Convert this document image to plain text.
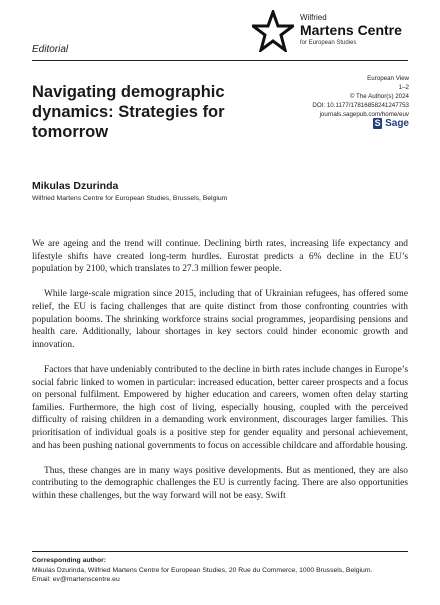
Editorial
Wilfried
Martens Centre
for European Studies
European View
1–2
© The Author(s) 2024
DOI: 10.1177/17816858241247753
journals.sagepub.com/home/euv
S Sage
Navigating demographic dynamics: Strategies for tomorrow
Mikulas Dzurinda
Wilfried Martens Centre for European Studies, Brussels, Belgium

We are ageing and the trend will continue. Declining birth rates, increasing life expectancy and lifestyle shifts have created long-term hurdles. Eurostat predicts a 6% decline in the EU’s population by 2100, which translates to 27.3 million fewer people.

While large-scale migration since 2015, including that of Ukrainian refugees, has offered some relief, the EU is facing challenges that are quite distinct from those confronting countries with population booms. The shrinking workforce strains social programmes, jeopardising pensions and health care. Additionally, labour shortages in key sectors could hinder economic growth and innovation.

Factors that have undeniably contributed to the decline in birth rates include changes in Europe’s social fabric linked to women in particular: increased education, better career prospects and a focus on personal fulfilment. Empowered by higher education and careers, women often delay starting families. Furthermore, the high cost of living, especially housing, coupled with the perceived difficulty of raising children in a demanding work environment, discourages larger families. This prioritisation of individual goals is a positive step for gender equality and personal achievement, and has been pushing national governments to focus on accessible childcare and affordable housing.

Thus, these changes are in many ways positive developments. But as mentioned, they are also contributing to the demographic challenges the EU is currently facing. There are also opportunities within these challenges, but the way forward will not be easy. Swift

Corresponding author:
Mikulas Dzurinda, Wilfried Martens Centre for European Studies, 20 Rue du Commerce, 1000 Brussels, Belgium.
Email: ev@martenscentre.eu
